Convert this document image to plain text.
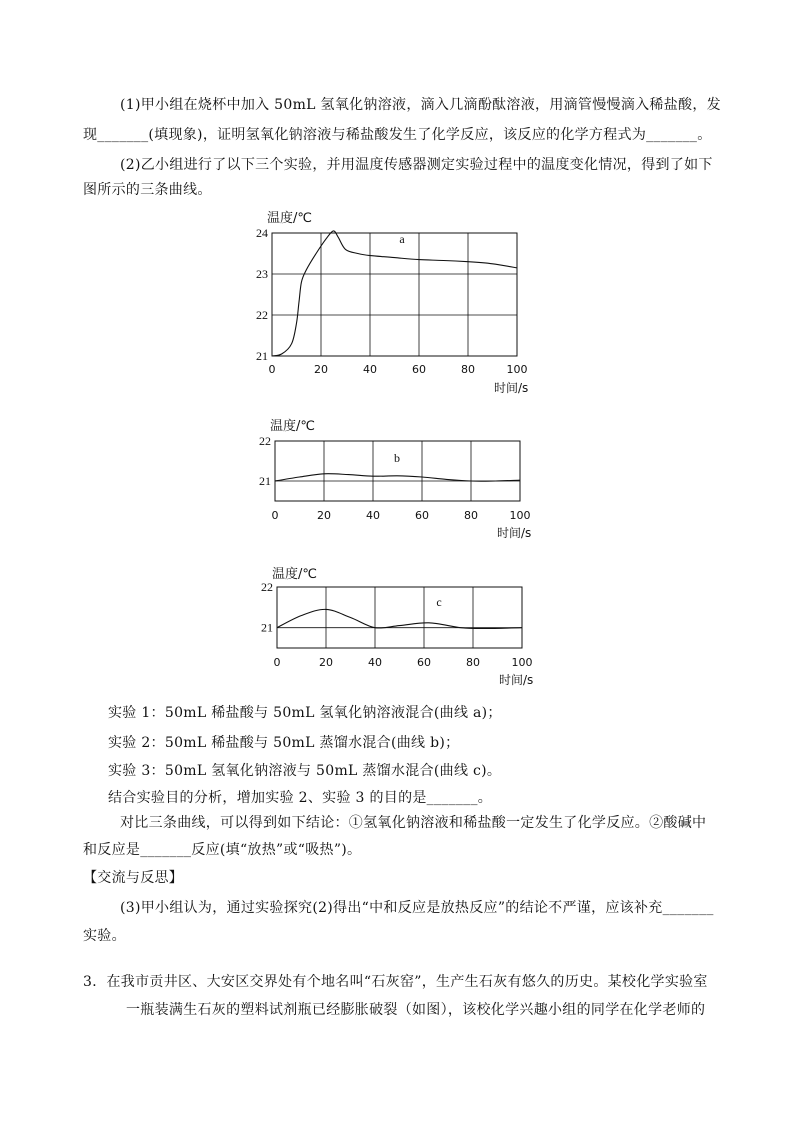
(1)甲小组在烧杯中加入 50mL 氢氧化钠溶液，滴入几滴酚酞溶液，用滴管慢慢滴入稀盐酸，发
现_______(填现象)，证明氢氧化钠溶液与稀盐酸发生了化学反应，该反应的化学方程式为_______。
(2)乙小组进行了以下三个实验，并用温度传感器测定实验过程中的温度变化情况，得到了如下
图所示的三条曲线。
21
22
23
24
0	20	40	60	80	100
温度/℃
时间/s
a
21
22
0	20	40	60	80	100
温度/℃
时间/s
b
21
22
0	20	40	60	80	100
温度/℃
时间/s
c
实验 1：50mL 稀盐酸与 50mL 氢氧化钠溶液混合(曲线 a)；
实验 2：50mL 稀盐酸与 50mL 蒸馏水混合(曲线 b)；
实验 3：50mL 氢氧化钠溶液与 50mL 蒸馏水混合(曲线 c)。
结合实验目的分析，增加实验 2、实验 3 的目的是_______。
对比三条曲线，可以得到如下结论：①氢氧化钠溶液和稀盐酸一定发生了化学反应。②酸碱中
和反应是_______反应(填“放热”或“吸热”)。
【交流与反思】
(3)甲小组认为，通过实验探究(2)得出“中和反应是放热反应”的结论不严谨，应该补充_______
实验。
3．在我市贡井区、大安区交界处有个地名叫“石灰窑”，生产生石灰有悠久的历史。某校化学实验室
一瓶装满生石灰的塑料试剂瓶已经膨胀破裂（如图），该校化学兴趣小组的同学在化学老师的
